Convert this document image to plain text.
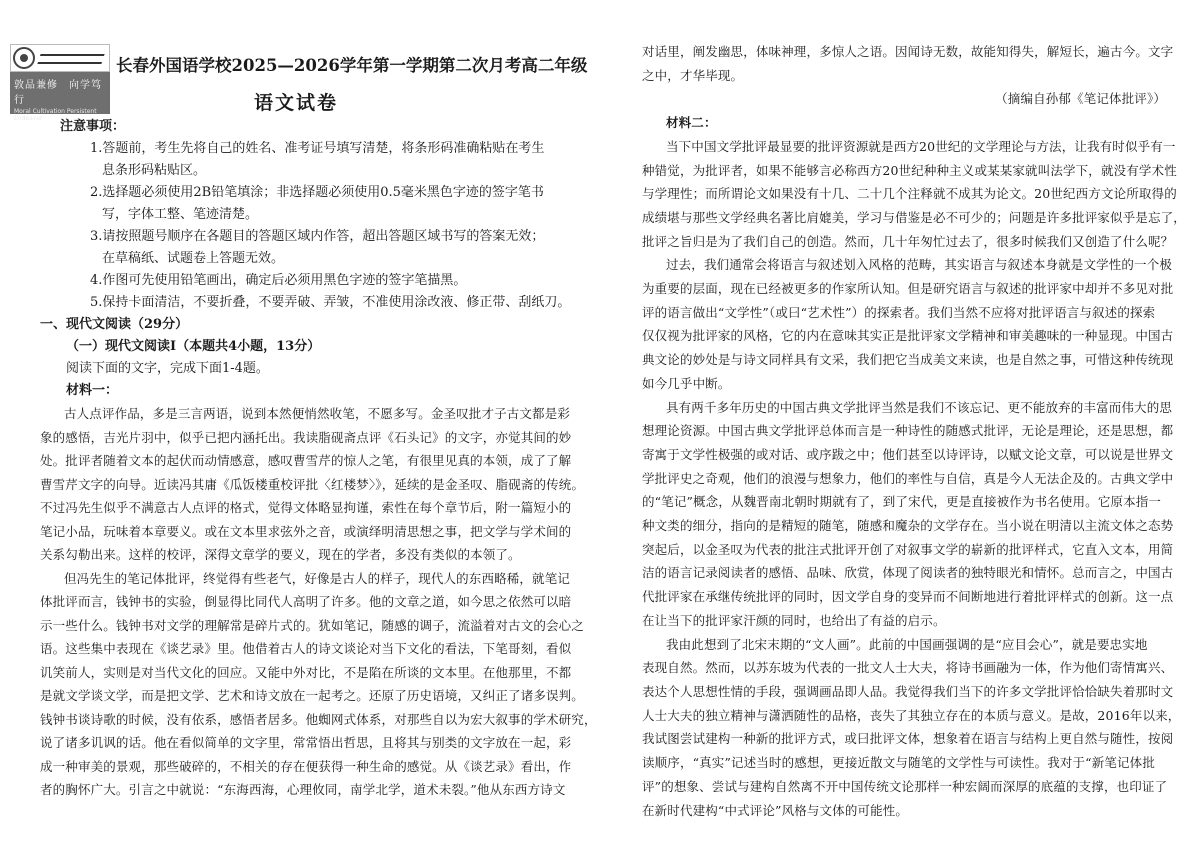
敦品兼修　向学笃行
Moral Cultivation Persistent Endeavor
长春外国语学校2025—2026学年第一学期第二次月考高二年级
语文试卷
注意事项：
1.答题前，考生先将自己的姓名、准考证号填写清楚，将条形码准确粘贴在考生
息条形码粘贴区。
2.选择题必须使用2B铅笔填涂；非选择题必须使用0.5毫米黑色字迹的签字笔书
写，字体工整、笔迹清楚。
3.请按照题号顺序在各题目的答题区域内作答，超出答题区域书写的答案无效；
在草稿纸、试题卷上答题无效。
4.作图可先使用铅笔画出，确定后必须用黑色字迹的签字笔描黑。
5.保持卡面清洁，不要折叠，不要弄破、弄皱，不准使用涂改液、修正带、刮纸刀。
一、现代文阅读（29分）
（一）现代文阅读Ⅰ（本题共4小题，13分）
阅读下面的文字，完成下面1-4题。
材料一：
古人点评作品，多是三言两语，说到本然便悄然收笔，不愿多写。金圣叹批才子古文都是彩
象的感悟，吉光片羽中，似乎已把内涵托出。我读脂砚斋点评《石头记》的文字，亦觉其间的妙
处。批评者随着文本的起伏而动情感意，感叹曹雪芹的惊人之笔，有很里见真的本领，成了了解
曹雪芹文字的向导。近读冯其庸《瓜饭楼重校评批〈红楼梦〉》，延续的是金圣叹、脂砚斋的传统。
不过冯先生似乎不满意古人点评的格式，觉得文体略显拘谨，索性在每个章节后，附一篇短小的
笔记小品，玩味着本章要义。或在文本里求弦外之音，或演绎明清思想之事，把文学与学术间的
关系勾勒出来。这样的校评，深得文章学的要义，现在的学者，多没有类似的本领了。
但冯先生的笔记体批评，终觉得有些老气，好像是古人的样子，现代人的东西略稀，就笔记
体批评而言，钱钟书的实验，倒显得比同代人高明了许多。他的文章之道，如今思之依然可以暗
示一些什么。钱钟书对文学的理解常是碎片式的。犹如笔记，随感的调子，流溢着对古文的会心之
语。这些集中表现在《谈艺录》里。他借着古人的诗文谈论对当下文化的看法，下笔哥刻，看似
讥笑前人，实则是对当代文化的回应。又能中外对比，不是陷在所谈的文本里。在他那里，不都
是就文学谈文学，而是把文学、艺术和诗文放在一起考之。还原了历史语境，又纠正了诸多误判。
钱钟书谈诗歌的时候，没有依系，感悟者居多。他蜘网式体系，对那些自以为宏大叙事的学术研究，
说了诸多讥讽的话。他在看似简单的文字里，常常悟出哲思，且将其与别类的文字放在一起，彩
成一种审美的景观，那些破碎的，不相关的存在便获得一种生命的感觉。从《谈艺录》看出，作
者的胸怀广大。引言之中就说：“东海西海，心理攸同，南学北学，道术未裂。”他从东西方诗文
对话里，阐发幽思，体味神理，多惊人之语。因闻诗无数，故能知得失，解短长，遍古今。文字
之中，才华毕现。
（摘编自孙郁《笔记体批评》）
材料二：
当下中国文学批评最显要的批评资源就是西方20世纪的文学理论与方法，让我有时似乎有一
种错觉，为批评者，如果不能够言必称西方20世纪种种主义或某某家就叫法学下，就没有学术性
与学理性；而所谓论文如果没有十几、二十几个注释就不成其为论文。20世纪西方文论所取得的
成绩堪与那些文学经典名著比肩媲美，学习与借鉴是必不可少的；问题是许多批评家似乎是忘了，
批评之旨归是为了我们自己的创造。然而，几十年匆忙过去了，很多时候我们又创造了什么呢？
过去，我们通常会将语言与叙述划入风格的范畴，其实语言与叙述本身就是文学性的一个极
为重要的层面，现在已经被更多的作家所认知。但是研究语言与叙述的批评家中却并不多见对批
评的语言做出“文学性”（或曰“艺术性”）的探索者。我们当然不应将对批评语言与叙述的探索
仅仅视为批评家的风格，它的内在意味其实正是批评家文学精神和审美趣味的一种显现。中国古
典文论的妙处是与诗文同样具有文采，我们把它当成美文来读，也是自然之事，可惜这种传统现
如今几乎中断。
具有两千多年历史的中国古典文学批评当然是我们不该忘记、更不能放弃的丰富而伟大的思
想理论资源。中国古典文学批评总体而言是一种诗性的随感式批评，无论是理论，还是思想，都
寄寓于文学性极强的或对话、或序跋之中；他们甚至以诗评诗，以赋文论文章，可以说是世界文
学批评史之奇观，他们的浪漫与想象力，他们的率性与自信，真是今人无法企及的。古典文学中
的“笔记”概念，从魏晋南北朝时期就有了，到了宋代，更是直接被作为书名使用。它原本指一
种文类的细分，指向的是精短的随笔，随感和魔杂的文学存在。当小说在明清以主流文体之态势
突起后，以金圣叹为代表的批注式批评开创了对叙事文学的崭新的批评样式，它直入文本，用简
洁的语言记录阅读者的感悟、品味、欣赏，体现了阅读者的独特眼光和情怀。总而言之，中国古
代批评家在承继传统批评的同时，因文学自身的变异而不间断地进行着批评样式的创新。这一点
在让当下的批评家汗颜的同时，也给出了有益的启示。
我由此想到了北宋末期的“文人画”。此前的中国画强调的是“应目会心”，就是要忠实地
表现自然。然而，以苏东坡为代表的一批文人士大夫，将诗书画融为一体，作为他们寄情寓兴、
表达个人思想性情的手段，强调画品即人品。我觉得我们当下的许多文学批评恰恰缺失着那时文
人士大夫的独立精神与潇洒随性的品格，丧失了其独立存在的本质与意义。是故，2016年以来，
我试图尝试建构一种新的批评方式，或曰批评文体，想象着在语言与结构上更自然与随性，按阅
读顺序，“真实”记述当时的感想，更接近散文与随笔的文学性与可读性。我对于“新笔记体批
评”的想象、尝试与建构自然离不开中国传统文论那样一种宏阔而深厚的底蕴的支撑，也印证了
在新时代建构“中式评论”风格与文体的可能性。
